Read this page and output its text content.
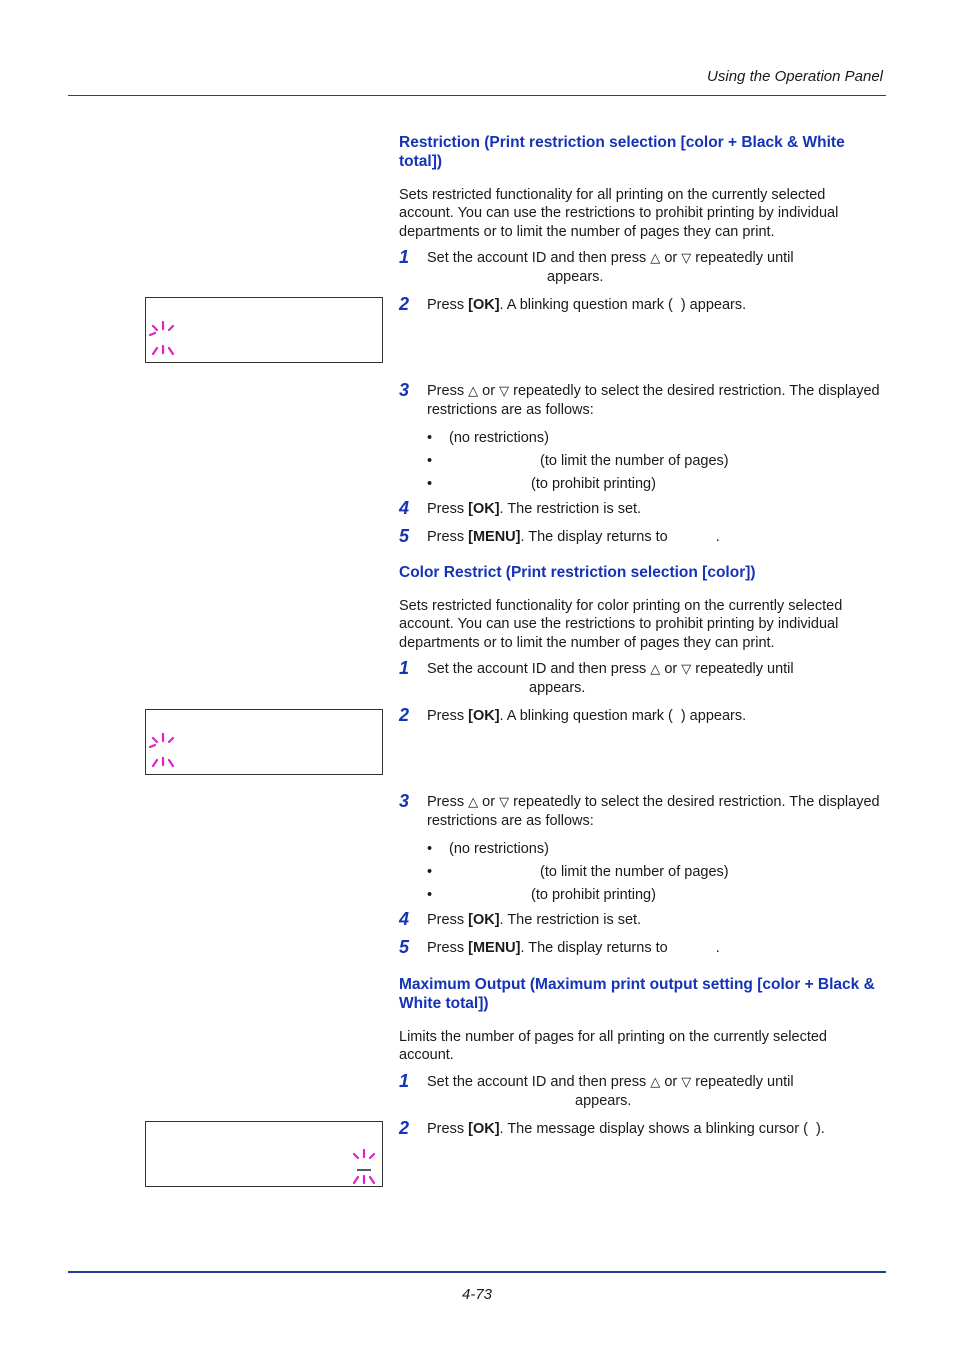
Using the Operation Panel
Restriction (Print restriction selection [color + Black & White total])

Sets restricted functionality for all printing on the currently selected account. You can use the restrictions to prohibit printing by individual departments or to limit the number of pages they can print.

1 Set the account ID and then press △ or ▽ repeatedly until
appears.
2 Press [OK]. A blinking question mark ( ) appears.
3 Press △ or ▽ repeatedly to select the desired restriction. The displayed restrictions are as follows:
• (no restrictions)
•	(to limit the number of pages)
•	(to prohibit printing)
4 Press [OK]. The restriction is set.
5 Press [MENU]. The display returns to	.
Color Restrict (Print restriction selection [color])

Sets restricted functionality for color printing on the currently selected account. You can use the restrictions to prohibit printing by individual departments or to limit the number of pages they can print.

1 Set the account ID and then press △ or ▽ repeatedly until
appears.
2 Press [OK]. A blinking question mark ( ) appears.
3 Press △ or ▽ repeatedly to select the desired restriction. The displayed restrictions are as follows:
• (no restrictions)
•	(to limit the number of pages)
•	(to prohibit printing)
4 Press [OK]. The restriction is set.
5 Press [MENU]. The display returns to	.
Maximum Output (Maximum print output setting [color + Black & White total])

Limits the number of pages for all printing on the currently selected account.

1 Set the account ID and then press △ or ▽ repeatedly until
appears.
2 Press [OK]. The message display shows a blinking cursor ( ).
4-73
